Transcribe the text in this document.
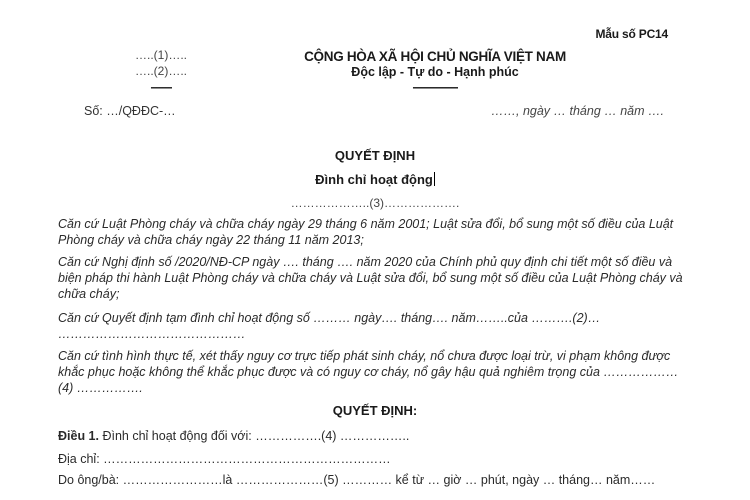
Mẫu số PC14
…..(1)…..
…..(2)…..
-------
CỘNG HÒA XÃ HỘI CHỦ NGHĨA VIỆT NAM
Độc lập - Tự do - Hạnh phúc
---------------
Số: …/QĐĐC-…	……, ngày … tháng … năm ….
QUYẾT ĐỊNH
Đình chỉ hoạt động
………………..(3)……………….
Căn cứ Luật Phòng cháy và chữa cháy ngày 29 tháng 6 năm 2001; Luật sửa đổi, bổ sung một số điều của Luật Phòng cháy và chữa cháy ngày 22 tháng 11 năm 2013;
Căn cứ Nghị định số /2020/NĐ-CP ngày …. tháng …. năm 2020 của Chính phủ quy định chi tiết một số điều và biện pháp thi hành Luật Phòng cháy và chữa cháy và Luật sửa đổi, bổ sung một số điều của Luật Phòng cháy và chữa cháy;
Căn cứ Quyết định tạm đình chỉ hoạt động số ……… ngày…. tháng…. năm……..của ……….(2)… ………………………………………
Căn cứ tình hình thực tế, xét thấy nguy cơ trực tiếp phát sinh cháy, nổ chưa được loại trừ, vi phạm không được khắc phục hoặc không thể khắc phục được và có nguy cơ cháy, nổ gây hậu quả nghiêm trọng của ………………(4) …………….
QUYẾT ĐỊNH:
Điều 1. Đình chỉ hoạt động đối với: …………….(4) ……………..
Địa chỉ: ……………………………………………………………
Do ông/bà: ……………………là …………………(5) ………… kể từ … giờ … phút, ngày … tháng… năm……
